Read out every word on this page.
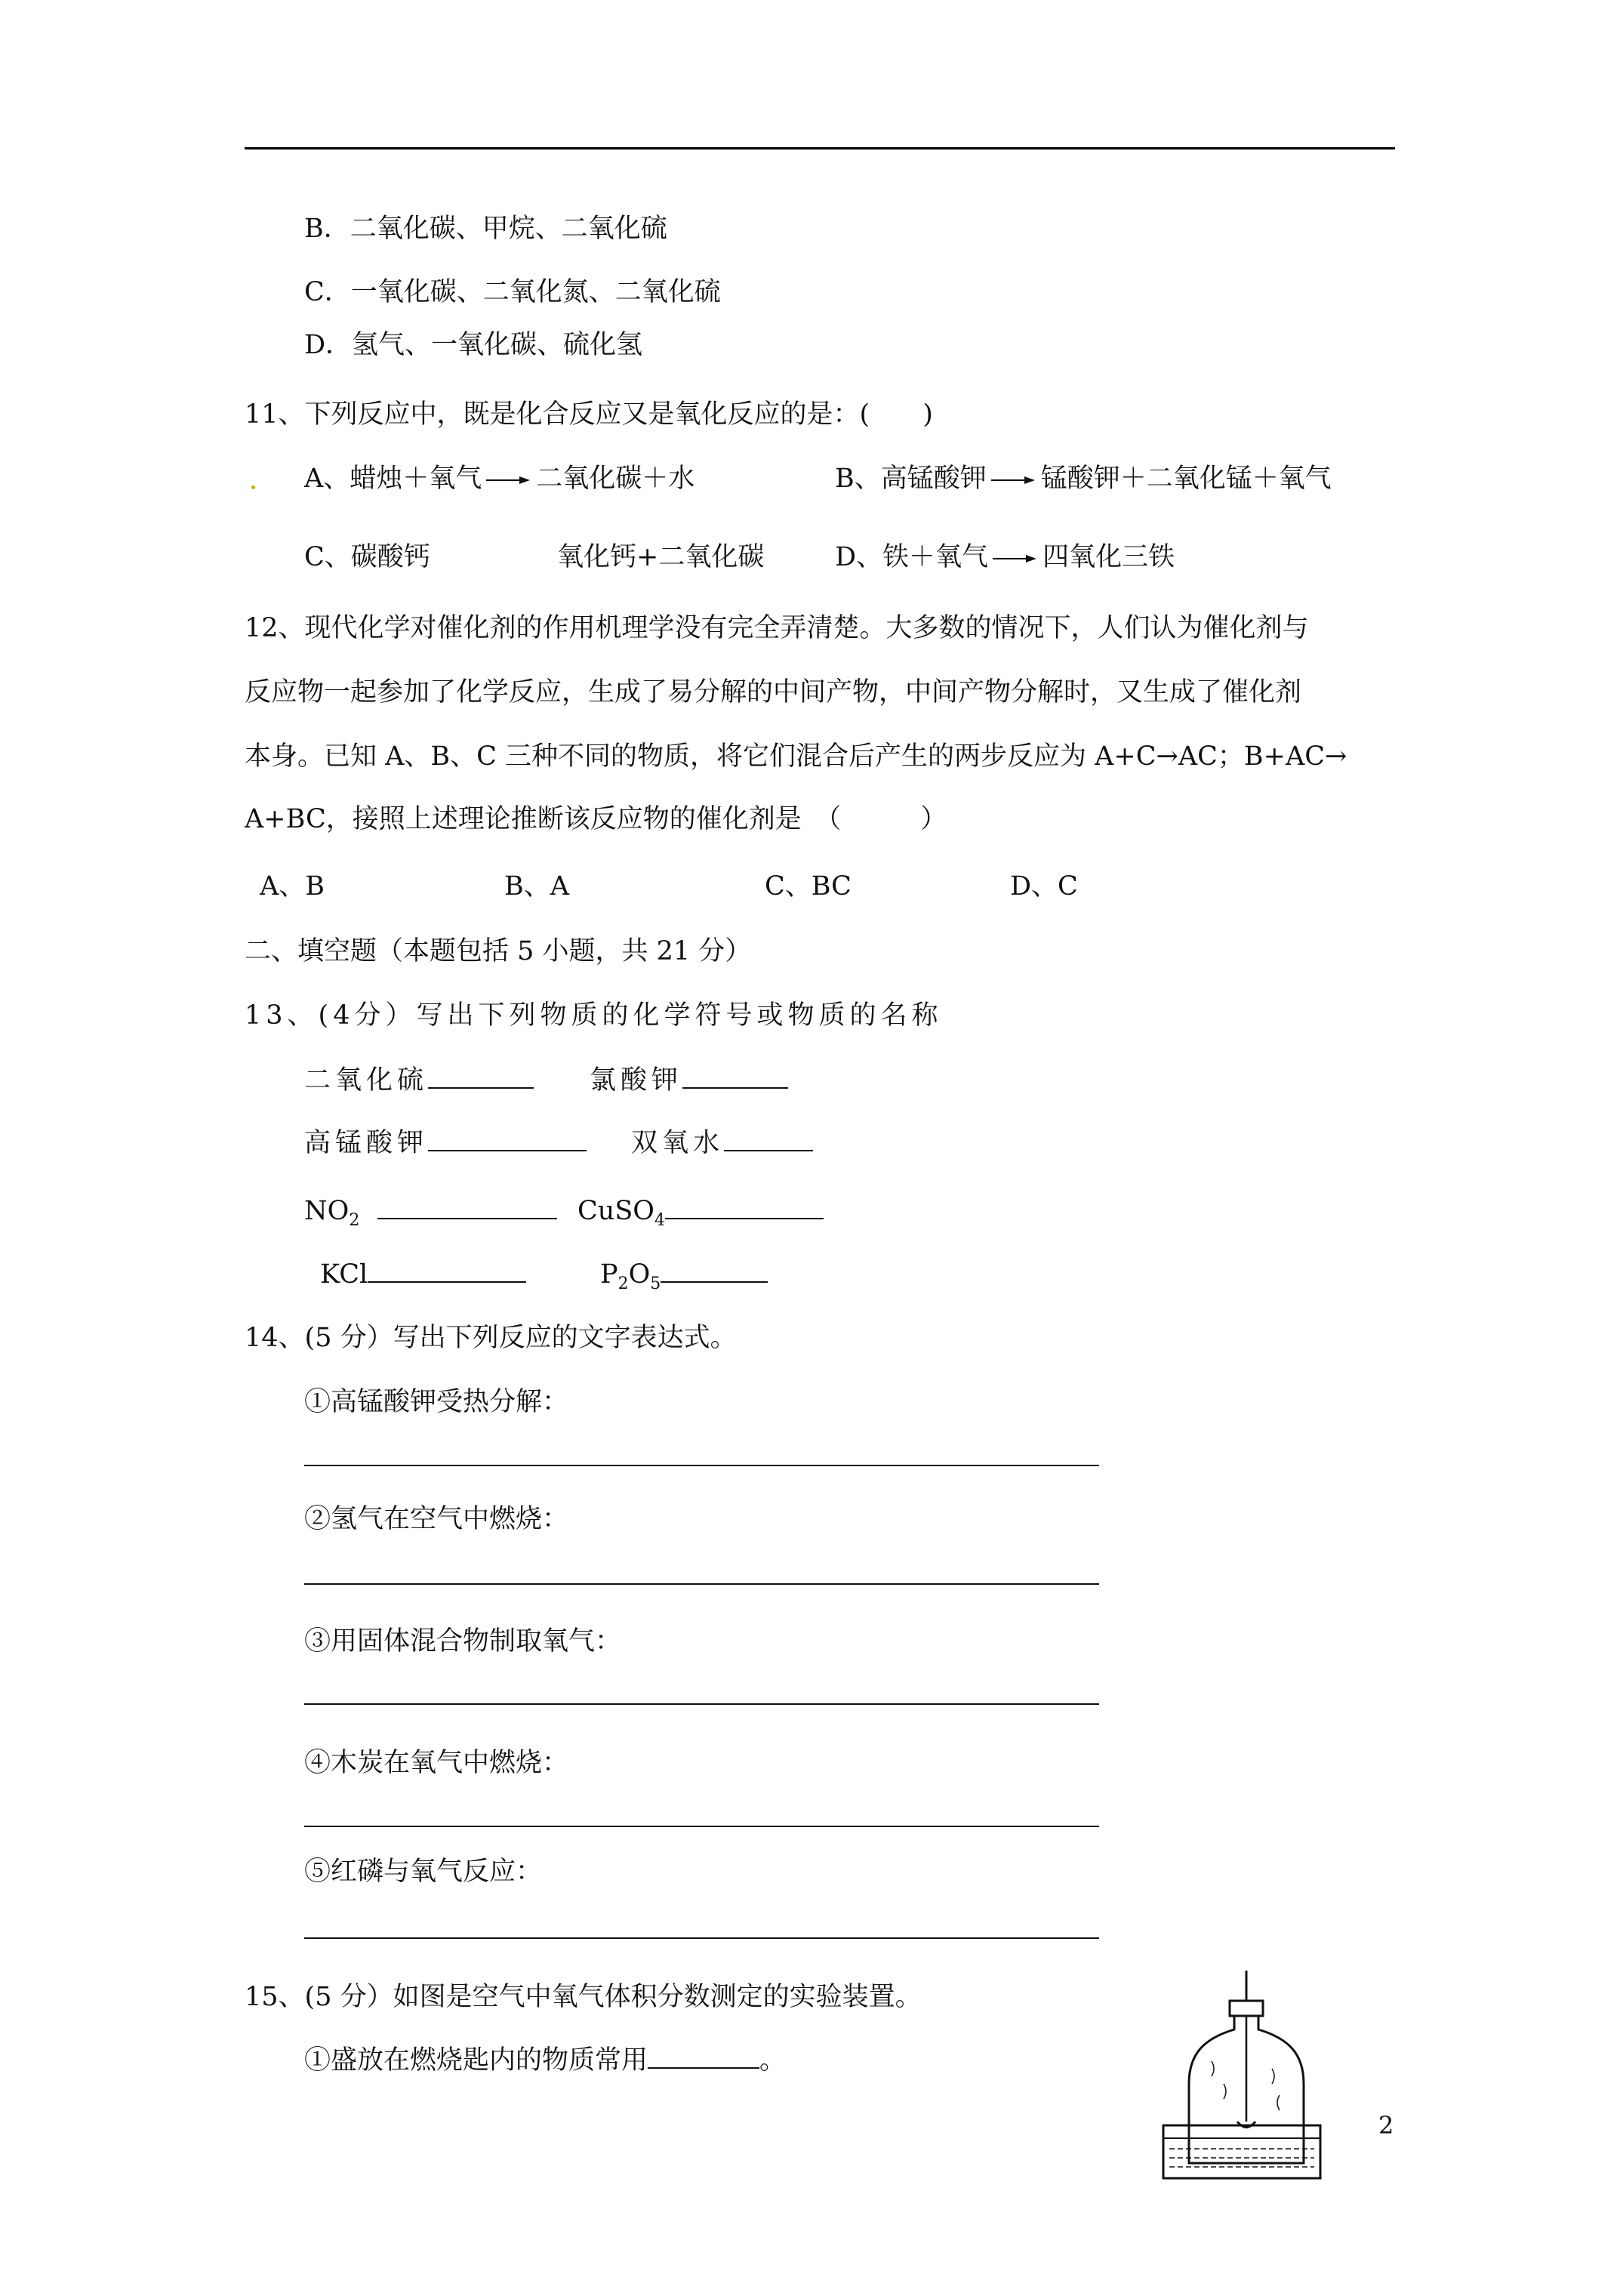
B．二氧化碳、甲烷、二氧化硫
C．一氧化碳、二氧化氮、二氧化硫
D．氢气、一氧化碳、硫化氢
11、下列反应中，既是化合反应又是氧化反应的是：(　　)
A、蜡烛＋氧气 → 二氧化碳＋水	B、高锰酸钾 → 锰酸钾＋二氧化锰＋氧气
C、碳酸钙	氧化钙+二氧化碳	D、铁＋氧气 → 四氧化三铁
12、现代化学对催化剂的作用机理学没有完全弄清楚。大多数的情况下，人们认为催化剂与
反应物一起参加了化学反应，生成了易分解的中间产物，中间产物分解时，又生成了催化剂
本身。已知 A、B、C 三种不同的物质，将它们混合后产生的两步反应为 A+C→AC；B+AC→
A+BC，接照上述理论推断该反应物的催化剂是　（　　　）
A、B	B、A	C、BC	D、C
二、填空题（本题包括 5 小题，共 21 分）
13、(4分）写出下列物质的化学符号或物质的名称
二氧化硫	氯酸钾
高锰酸钾	双氧水
$NO_2$	CuSO$_4$
KCl	$P_2O_5$
14、(5 分）写出下列反应的文字表达式。
①高锰酸钾受热分解：
②氢气在空气中燃烧：
③用固体混合物制取氧气：
④木炭在氧气中燃烧：
⑤红磷与氧气反应：
15、(5 分）如图是空气中氧气体积分数测定的实验装置。
①盛放在燃烧匙内的物质常用	。
2
